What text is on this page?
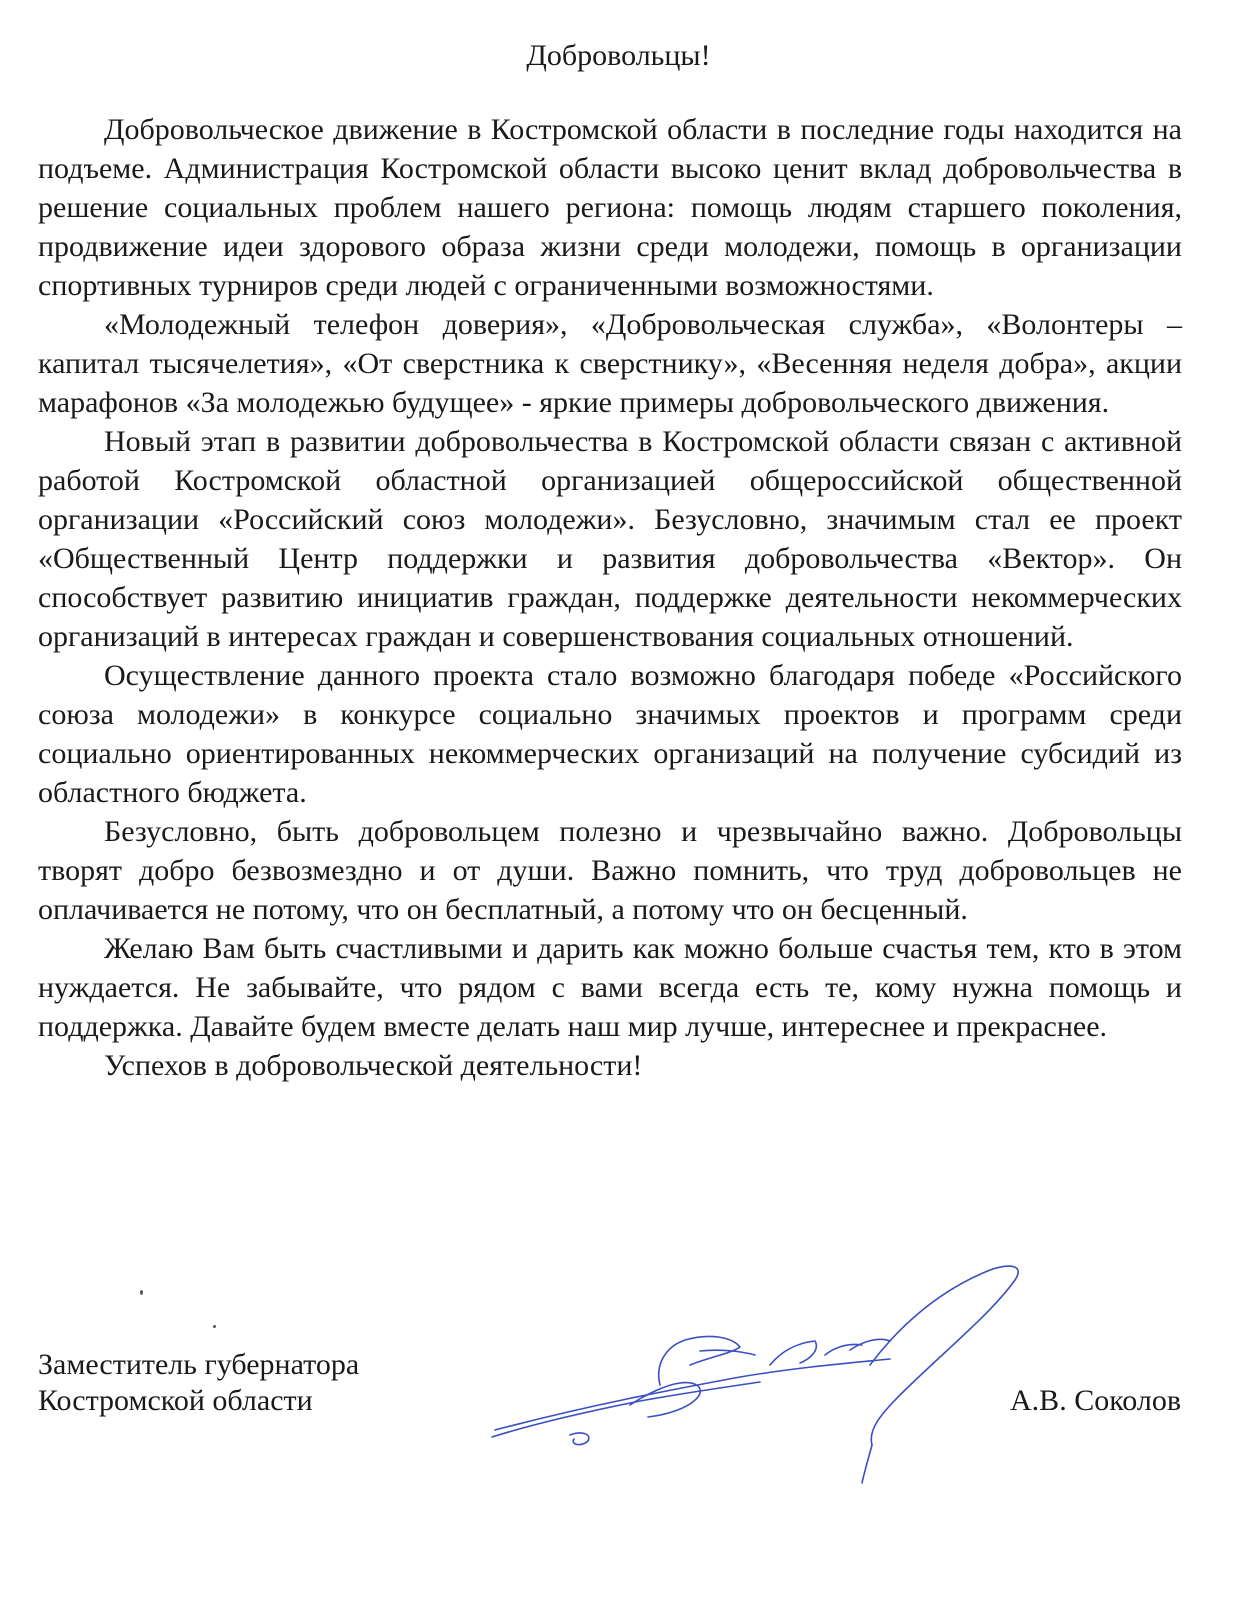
Добровольцы!

Добровольческое движение в Костромской области в последние годы находится на подъеме. Администрация Костромской области высоко ценит вклад добровольчества в решение социальных проблем нашего региона: помощь людям старшего поколения, продвижение идеи здорового образа жизни среди молодежи, помощь в организации спортивных турниров среди людей с ограниченными возможностями.

«Молодежный телефон доверия», «Добровольческая служба», «Волонтеры – капитал тысячелетия», «От сверстника к сверстнику», «Весенняя неделя добра», акции марафонов «За молодежью будущее» - яркие примеры добровольческого движения.

Новый этап в развитии добровольчества в Костромской области связан с активной работой Костромской областной организацией общероссийской общественной организации «Российский союз молодежи». Безусловно, значимым стал ее проект «Общественный Центр поддержки и развития добровольчества «Вектор». Он способствует развитию инициатив граждан, поддержке деятельности некоммерческих организаций в интересах граждан и совершенствования социальных отношений.

Осуществление данного проекта стало возможно благодаря победе «Российского союза молодежи» в конкурсе социально значимых проектов и программ среди социально ориентированных некоммерческих организаций на получение субсидий из областного бюджета.

Безусловно, быть добровольцем полезно и чрезвычайно важно. Добровольцы творят добро безвозмездно и от души. Важно помнить, что труд добровольцев не оплачивается не потому, что он бесплатный, а потому что он бесценный.

Желаю Вам быть счастливыми и дарить как можно больше счастья тем, кто в этом нуждается. Не забывайте, что рядом с вами всегда есть те, кому нужна помощь и поддержка. Давайте будем вместе делать наш мир лучше, интереснее и прекраснее.

Успехов в добровольческой деятельности!

Заместитель губернатора
Костромской области	А.В. Соколов
